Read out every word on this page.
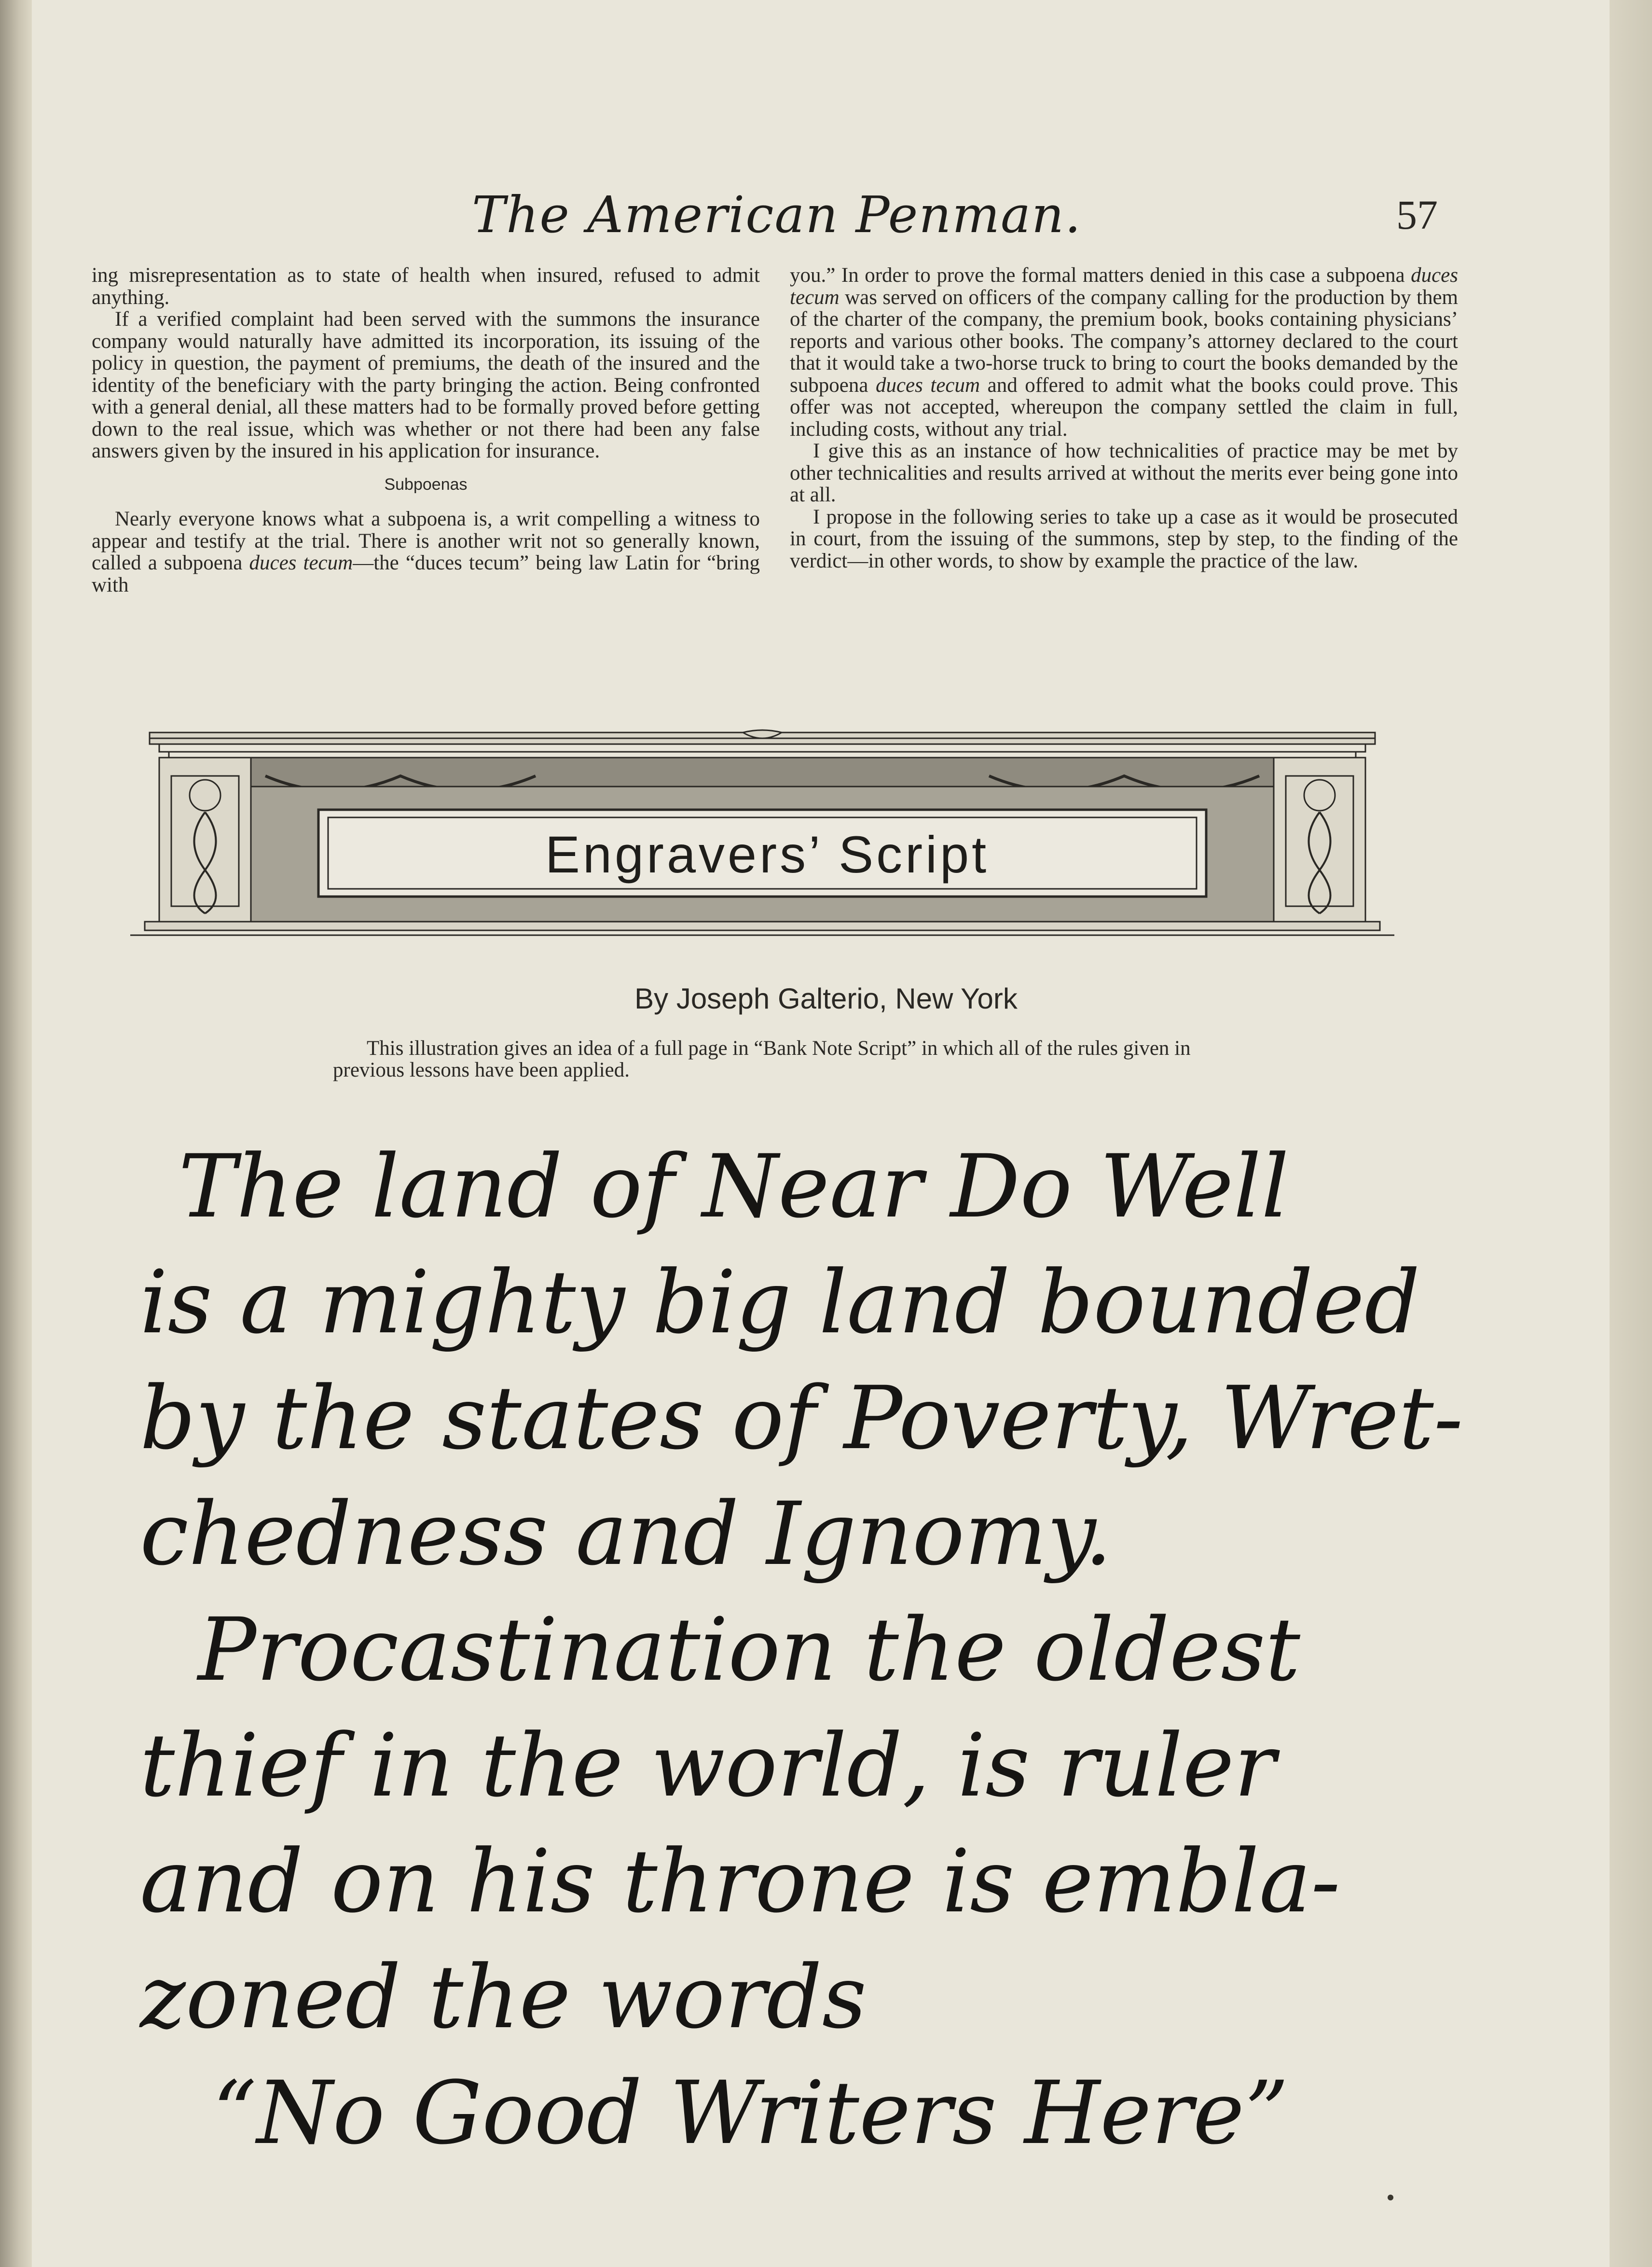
The American Penman.	57

ing misrepresentation as to state of health when insured, refused to admit anything.

If a verified complaint had been served with the summons the insurance company would naturally have admitted its incorporation, its issuing of the policy in question, the payment of premiums, the death of the insured and the identity of the beneficiary with the party bringing the action. Being confronted with a general denial, all these matters had to be formally proved before getting down to the real issue, which was whether or not there had been any false answers given by the insured in his application for insurance.

Subpoenas

Nearly everyone knows what a subpoena is, a writ compelling a witness to appear and testify at the trial. There is another writ not so generally known, called a subpoena duces tecum—the “duces tecum” being law Latin for “bring with

you.” In order to prove the formal matters denied in this case a subpoena duces tecum was served on officers of the company calling for the production by them of the charter of the company, the premium book, books containing physicians’ reports and various other books. The company’s attorney declared to the court that it would take a two-horse truck to bring to court the books demanded by the subpoena duces tecum and offered to admit what the books could prove. This offer was not accepted, whereupon the company settled the claim in full, including costs, without any trial.

I give this as an instance of how technicalities of practice may be met by other technicalities and results arrived at without the merits ever being gone into at all.

I propose in the following series to take up a case as it would be prosecuted in court, from the issuing of the summons, step by step, to the finding of the verdict—in other words, to show by example the practice of the law.

Engravers’ Script
By Joseph Galterio, New York

This illustration gives an idea of a full page in “Bank Note Script” in which all of the rules given in previous lessons have been applied.

The land of Near Do Well
is a mighty big land bounded
by the states of Poverty, Wret-
chedness and Ignomy.
Procastination the oldest
thief in the world, is ruler
and on his throne is embla-
zoned the words
“No Good Writers Here”
